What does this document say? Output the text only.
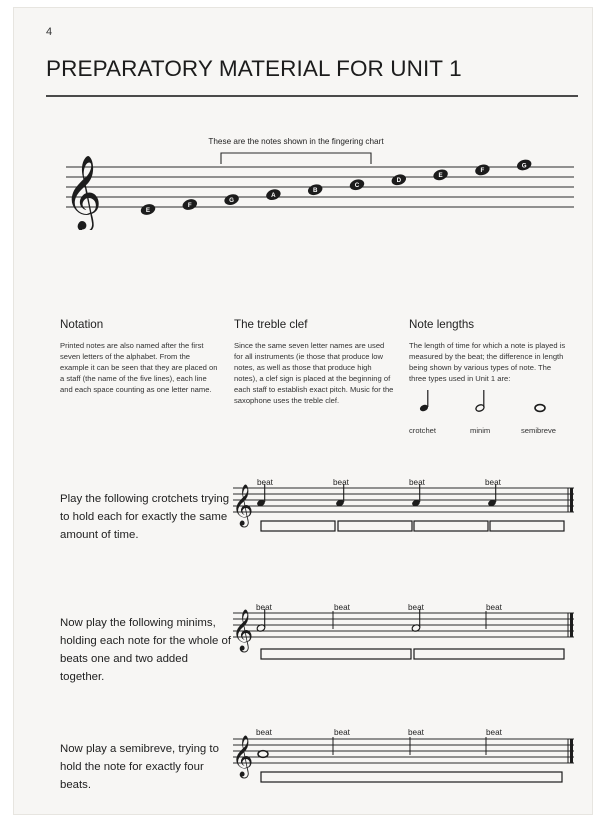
4
PREPARATORY MATERIAL FOR UNIT 1
These are the notes shown in the fingering chart
𝄞	E
F
G
A
B
C
D
E
F
G
Notation
Printed notes are also named after the first seven letters of the alphabet. From the example it can be seen that they are placed on a staff (the name of the five lines), each line and each space counting as one letter name.
The treble clef
Since the same seven letter names are used for all instruments (ie those that produce low notes, as well as those that produce high notes), a clef sign is placed at the beginning of each staff to establish exact pitch. Music for the saxophone uses the treble clef.
Note lengths
The length of time for which a note is played is measured by the beat; the difference in length being shown by various types of note. The three types used in Unit 1 are:
crotchet	minim	semibreve
Play the following crotchets trying to hold each for exactly the same amount of time.
beat	beat	beat	beat
𝄞
Now play the following minims, holding each note for the whole of beats one and two added together.
beat	beat	beat	beat
𝄞
Now play a semibreve, trying to hold the note for exactly four beats.
beat	beat	beat	beat
𝄞
